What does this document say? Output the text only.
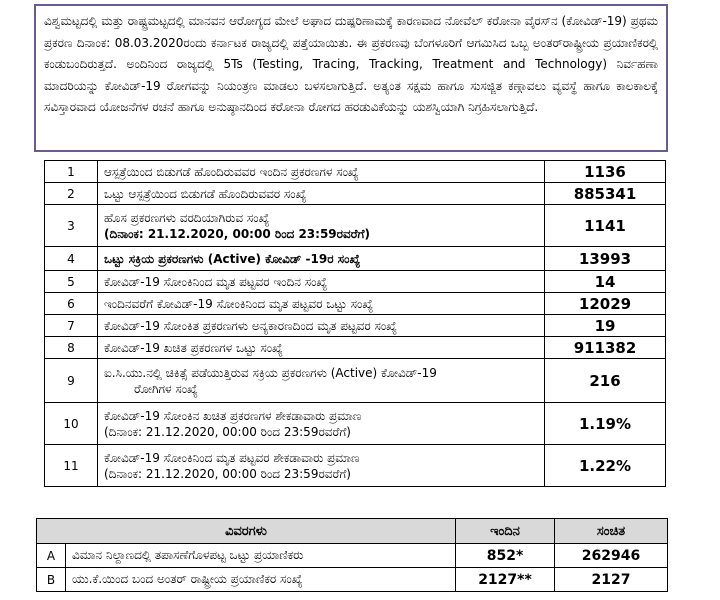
ವಿಶ್ವಮಟ್ಟದಲ್ಲಿ ಮತ್ತು ರಾಷ್ಟ್ರಮಟ್ಟದಲ್ಲಿ ಮಾನವನ ಆರೋಗ್ಯದ ಮೇಲೆ ಅಘಾದ ದುಷ್ಪರಿಣಾಮಕ್ಕೆ ಕಾರಣವಾದ ನೋವೆಲ್ ಕರೋನಾ ವೈರಸ್‌ನ (ಕೋವಿಡ್-19) ಪ್ರಥಮ ಪ್ರಕರಣ ದಿನಾಂಕ: 08.03.2020ರಂದು ಕರ್ನಾಟಕ ರಾಜ್ಯದಲ್ಲಿ ಪತ್ತೆಯಾಯಿತು. ಈ ಪ್ರಕರಣವು ಬೆಂಗಳೂರಿಗೆ ಆಗಮಿಸಿದ ಒಬ್ಬ ಅಂತರ್‌ರಾಷ್ಟ್ರೀಯ ಪ್ರಯಾಣಿಕರಲ್ಲಿ ಕಂಡುಬಂದಿರುತ್ತದೆ. ಅಂದಿನಿಂದ ರಾಜ್ಯದಲ್ಲಿ 5Ts (Testing, Tracing, Tracking, Treatment and Technology) ನಿರ್ವಹಣಾ ಮಾದರಿಯನ್ನು ಕೋವಿಡ್-19 ರೋಗವನ್ನು ನಿಯಂತ್ರಣ ಮಾಡಲು ಬಳಸಲಾಗುತ್ತಿದೆ. ಅತ್ಯಂತ ಸಕ್ಷಮ ಹಾಗೂ ಸುಸಜ್ಜಿತ ಕಣ್ಗಾವಲು ವ್ಯವಸ್ಥೆ ಹಾಗೂ ಕಾಲಕಾಲಕ್ಕೆ ಸವಿಸ್ತಾರವಾದ ಯೋಜನೆಗಳ ರಚನೆ ಹಾಗೂ ಅನುಷ್ಠಾನದಿಂದ ಕರೋನಾ ರೋಗದ ಹರಡುವಿಕೆಯನ್ನು ಯಶಸ್ವಿಯಾಗಿ ನಿಗ್ರಹಿಸಲಾಗುತ್ತಿದೆ.
1	ಆಸ್ಪತ್ರೆಯಿಂದ ಬಿಡುಗಡೆ ಹೊಂದಿರುವವರ ಇಂದಿನ ಪ್ರಕರಣಗಳ ಸಂಖ್ಯೆ	1136
2	ಒಟ್ಟು ಆಸ್ಪತ್ರೆಯಿಂದ ಬಿಡುಗಡೆ ಹೊಂದಿರುವವರ ಸಂಖ್ಯೆ	885341
3	ಹೊಸ ಪ್ರಕರಣಗಳು ವರದಿಯಾಗಿರುವ ಸಂಖ್ಯೆ
(ದಿನಾಂಕ: 21.12.2020, 00:00 ರಿಂದ 23:59ರವರೆಗೆ)	1141
4	ಒಟ್ಟು ಸಕ್ರಿಯ ಪ್ರಕರಣಗಳು (Active) ಕೋವಿಡ್ -19ರ ಸಂಖ್ಯೆ	13993
5	ಕೋವಿಡ್-19 ಸೋಂಕಿನಿಂದ ಮೃತ ಪಟ್ಟವರ ಇಂದಿನ ಸಂಖ್ಯೆ	14
6	ಇಂದಿನವರೆಗೆ ಕೋವಿಡ್-19 ಸೋಂಕಿನಿಂದ ಮೃತ ಪಟ್ಟವರ ಒಟ್ಟು ಸಂಖ್ಯೆ	12029
7	ಕೋವಿಡ್-19 ಸೋಂಕಿತ ಪ್ರಕರಣಗಳು ಅನ್ಯಕಾರಣದಿಂದ ಮೃತ ಪಟ್ಟವರ ಸಂಖ್ಯೆ	19
8	ಕೋವಿಡ್-19 ಖಚಿತ ಪ್ರಕರಣಗಳ ಒಟ್ಟು ಸಂಖ್ಯೆ	911382
9	ಐ.ಸಿ.ಯು.ನಲ್ಲಿ ಚಿಕಿತ್ಸೆ ಪಡೆಯುತ್ತಿರುವ ಸಕ್ರಿಯ ಪ್ರಕರಣಗಳು (Active) ಕೋವಿಡ್-19
ರೋಗಿಗಳ ಸಂಖ್ಯೆ	216
10	ಕೋವಿಡ್-19 ಸೋಂಕಿನ ಖಚಿತ ಪ್ರಕರಣಗಳ ಶೇಕಡಾವಾರು ಪ್ರಮಾಣ
(ದಿನಾಂಕ: 21.12.2020, 00:00 ರಿಂದ 23:59ರವರೆಗೆ)	1.19%
11	ಕೋವಿಡ್-19 ಸೋಂಕಿನಿಂದ ಮೃತ ಪಟ್ಟವರ ಶೇಕಡಾವಾರು ಪ್ರಮಾಣ
(ದಿನಾಂಕ: 21.12.2020, 00:00 ರಿಂದ 23:59ರವರೆಗೆ)	1.22%
ವಿವರಗಳು		ಇಂದಿನ	ಸಂಚಿತ
A	ವಿಮಾನ ನಿಲ್ದಾಣದಲ್ಲಿ ತಪಾಸಣೆಗೊಳಪಟ್ಟ ಒಟ್ಟು ಪ್ರಯಾಣಿಕರು	852*	262946
B	ಯು.ಕೆ.ಯಿಂದ ಬಂದ ಅಂತರ್ ರಾಷ್ಟ್ರೀಯ ಪ್ರಯಾಣಿಕರ ಸಂಖ್ಯೆ	2127**	2127
